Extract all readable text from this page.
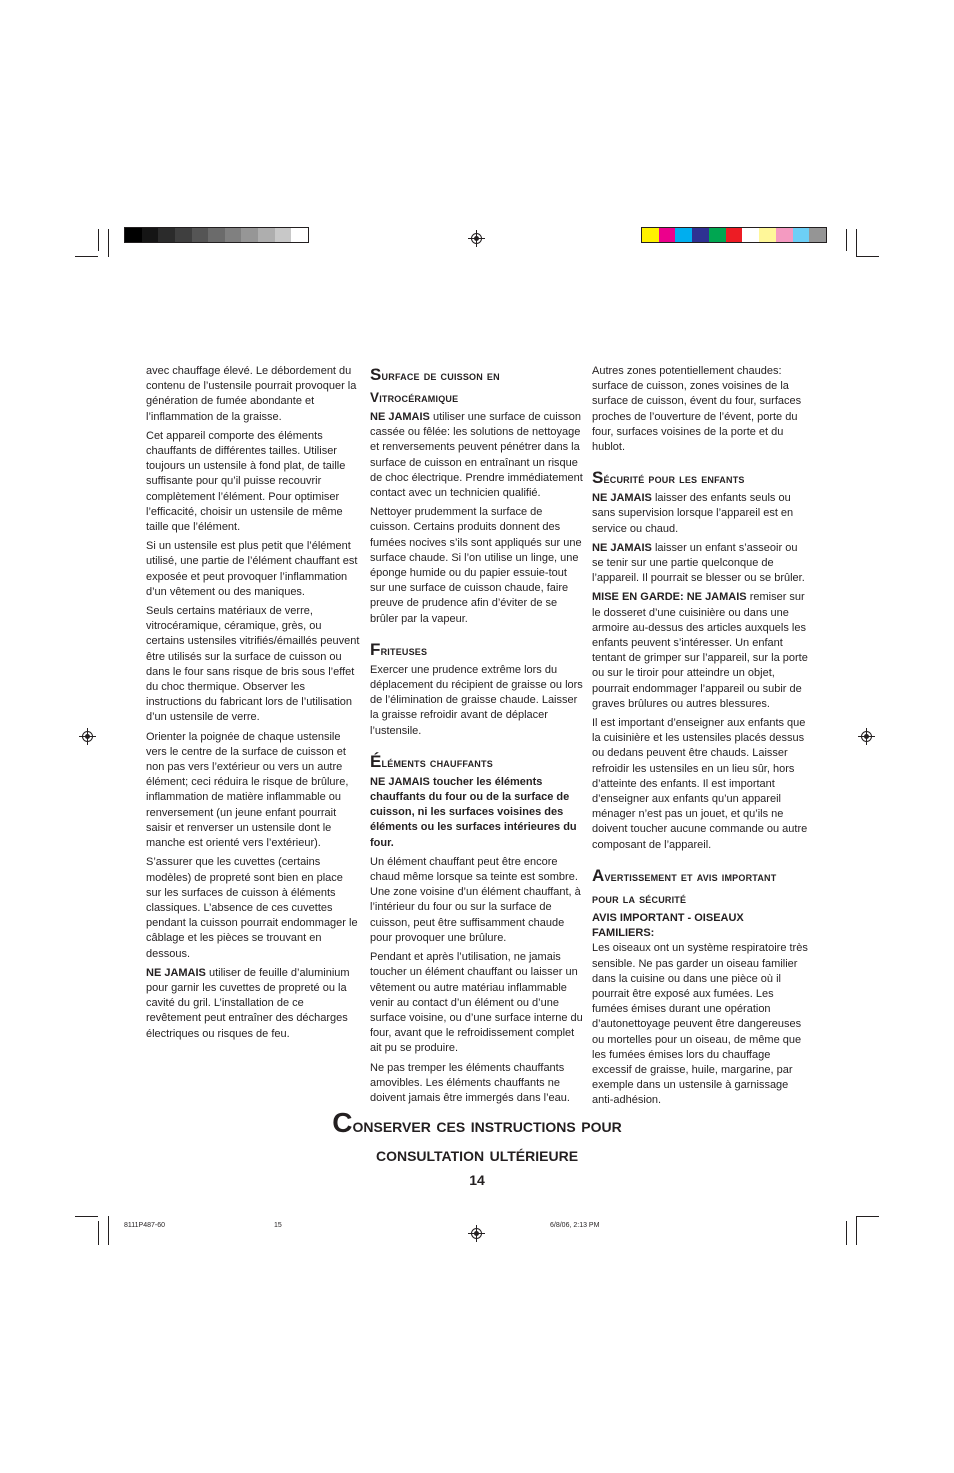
avec chauffage élevé. Le débordement du contenu de l’ustensile pourrait provoquer la génération de fumée abondante et l’inflammation de la graisse.

Cet appareil comporte des éléments chauffants de différentes tailles. Utiliser toujours un ustensile à fond plat, de taille suffisante pour qu’il puisse recouvrir complètement l’élément. Pour optimiser l’efficacité, choisir un ustensile de même taille que l’élément.

Si un ustensile est plus petit que l’élément utilisé, une partie de l’élément chauffant est exposée et peut provoquer l’inflammation d’un vêtement ou des maniques.

Seuls certains matériaux de verre, vitrocéramique, céramique, grès, ou certains ustensiles vitrifiés/émaillés peuvent être utilisés sur la surface de cuisson ou dans le four sans risque de bris sous l’effet du choc thermique. Observer les instructions du fabricant lors de l’utilisation d’un ustensile de verre.

Orienter la poignée de chaque ustensile vers le centre de la surface de cuisson et non pas vers l’extérieur ou vers un autre élément; ceci réduira le risque de brûlure, inflammation de matière inflammable ou renversement (un jeune enfant pourrait saisir et renverser un ustensile dont le manche est orienté vers l’extérieur).

S’assurer que les cuvettes (certains modèles) de propreté sont bien en place sur les surfaces de cuisson à éléments classiques. L’absence de ces cuvettes pendant la cuisson pourrait endommager le câblage et les pièces se trouvant en dessous.

NE JAMAIS utiliser de feuille d’aluminium pour garnir les cuvettes de propreté ou la cavité du gril. L’installation de ce revêtement peut entraîner des décharges électriques ou risques de feu.

Surface de cuisson en Vitrocéramique

NE JAMAIS utiliser une surface de cuisson cassée ou fêlée: les solutions de nettoyage et renversements peuvent pénétrer dans la surface de cuisson en entraînant un risque de choc électrique. Prendre immédiatement contact avec un technicien qualifié.

Nettoyer prudemment la surface de cuisson. Certains produits donnent des fumées nocives s’ils sont appliqués sur une surface chaude. Si l’on utilise un linge, une éponge humide ou du papier essuie-tout sur une surface de cuisson chaude, faire preuve de prudence afin d’éviter de se brûler par la vapeur.

Friteuses

Exercer une prudence extrême lors du déplacement du récipient de graisse ou lors de l’élimination de graisse chaude. Laisser la graisse refroidir avant de déplacer l’ustensile.

Éléments chauffants

NE JAMAIS toucher les éléments chauffants du four ou de la surface de cuisson, ni les surfaces voisines des éléments ou les surfaces intérieures du four.

Un élément chauffant peut être encore chaud même lorsque sa teinte est sombre. Une zone voisine d’un élément chauffant, à l’intérieur du four ou sur la surface de cuisson, peut être suffisamment chaude pour provoquer une brûlure.

Pendant et après l’utilisation, ne jamais toucher un élément chauffant ou laisser un vêtement ou autre matériau inflammable venir au contact d’un élément ou d’une surface voisine, ou d’une surface interne du four, avant que le refroidissement complet ait pu se produire.

Ne pas tremper les éléments chauffants amovibles. Les éléments chauffants ne doivent jamais être immergés dans l’eau.

Autres zones potentiellement chaudes: surface de cuisson, zones voisines de la surface de cuisson, évent du four, surfaces proches de l’ouverture de l’évent, porte du four, surfaces voisines de la porte et du hublot.

Sécurité pour les enfants

NE JAMAIS laisser des enfants seuls ou sans supervision lorsque l’appareil est en service ou chaud.

NE JAMAIS laisser un enfant s’asseoir ou se tenir sur une partie quelconque de l’appareil. Il pourrait se blesser ou se brûler.

MISE EN GARDE: NE JAMAIS remiser sur le dosseret d’une cuisinière ou dans une armoire au-dessus des articles auxquels les enfants peuvent s’intéresser. Un enfant tentant de grimper sur l’appareil, sur la porte ou sur le tiroir pour atteindre un objet, pourrait endommager l’appareil ou subir de graves brûlures ou autres blessures.

Il est important d’enseigner aux enfants que la cuisinière et les ustensiles placés dessus ou dedans peuvent être chauds. Laisser refroidir les ustensiles en un lieu sûr, hors d’atteinte des enfants. Il est important d’enseigner aux enfants qu’un appareil ménager n’est pas un jouet, et qu’ils ne doivent toucher aucune commande ou autre composant de l’appareil.

Avertissement et avis important pour la sécurité

AVIS IMPORTANT - OISEAUX FAMILIERS:
Les oiseaux ont un système respiratoire très sensible. Ne pas garder un oiseau familier dans la cuisine ou dans une pièce où il pourrait être exposé aux fumées. Les fumées émises durant une opération d’autonettoyage peuvent être dangereuses ou mortelles pour un oiseau, de même que les fumées émises lors du chauffage excessif de graisse, huile, margarine, par exemple dans un ustensile à garnissage anti-adhésion.

Conserver ces instructions pour
consultation ultérieure
14
8111P487-60	15	6/8/06, 2:13 PM
